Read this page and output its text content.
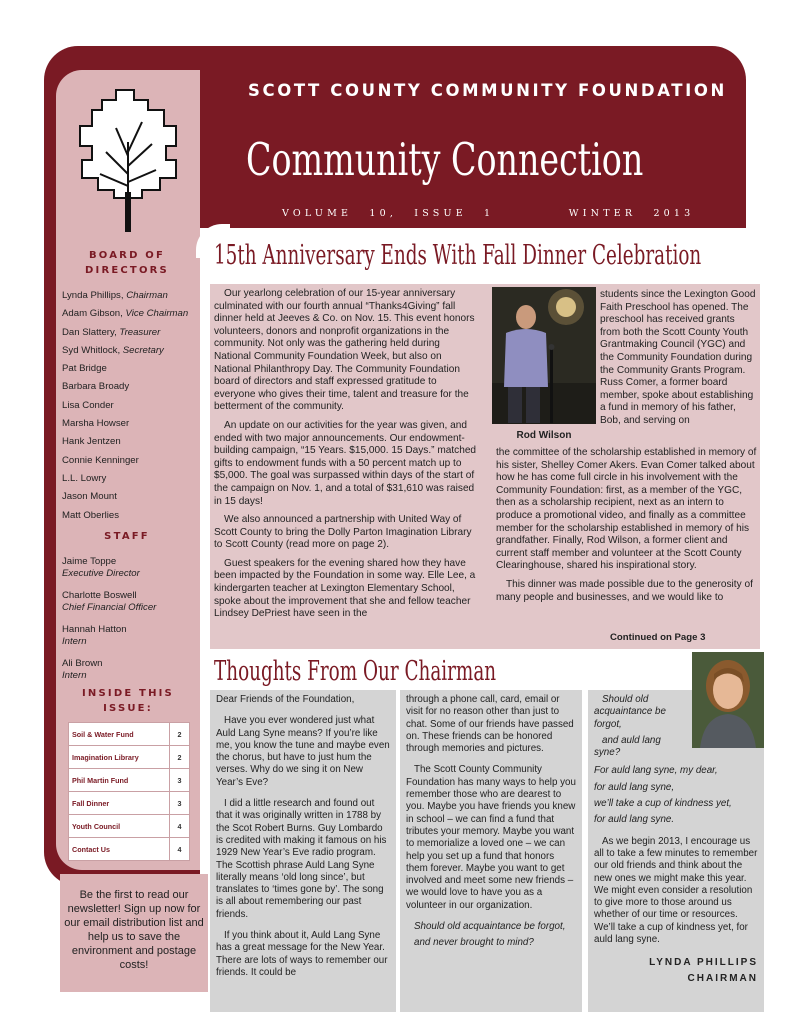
SCOTT COUNTY COMMUNITY FOUNDATION
Community Connection
VOLUME 10, ISSUE 1	WINTER 2013
BOARD OF DIRECTORS
Lynda Phillips, Chairman
Adam Gibson, Vice Chairman
Dan Slattery, Treasurer
Syd Whitlock, Secretary
Pat Bridge
Barbara Broady
Lisa Conder
Marsha Howser
Hank Jentzen
Connie Kenninger
L.L. Lowry
Jason Mount
Matt Oberlies
STAFF
Jaime Toppe
Executive Director
Charlotte Boswell
Chief Financial Officer
Hannah Hatton
Intern
Ali Brown
Intern
INSIDE THIS ISSUE:
Soil & Water Fund	2
Imagination Library	2
Phil Martin Fund	3
Fall Dinner	3
Youth Council	4
Contact Us	4
Be the first to read our newsletter! Sign up now for our email distribution list and help us to save the environment and postage costs!
15th Anniversary Ends With Fall Dinner Celebration

Our yearlong celebration of our 15-year anniversary culminated with our fourth annual “Thanks4Giving” fall dinner held at Jeeves & Co. on Nov. 15. This event honors volunteers, donors and nonprofit organizations in the community. Not only was the gathering held during National Community Foundation Week, but also on National Philanthropy Day. The Community Foundation board of directors and staff expressed gratitude to everyone who gives their time, talent and treasure for the betterment of the community.

An update on our activities for the year was given, and ended with two major announcements. Our endowment-building campaign, “15 Years. $15,000. 15 Days.” matched gifts to endowment funds with a 50 percent match up to $5,000. The goal was surpassed within days of the start of the campaign on Nov. 1, and a total of $31,610 was raised in 15 days!

We also announced a partnership with United Way of Scott County to bring the Dolly Parton Imagination Library to Scott County (read more on page 2).

Guest speakers for the evening shared how they have been impacted by the Foundation in some way. Elle Lee, a kindergarten teacher at Lexington Elementary School, spoke about the improvement that she and fellow teacher Lindsey DePriest have seen in the

Rod Wilson
students since the Lexington Good Faith Preschool has opened. The preschool has received grants from both the Scott County Youth Grantmaking Council (YGC) and the Community Foundation during the Community Grants Program. Russ Comer, a former board member, spoke about establishing a fund in memory of his father, Bob, and serving on

the committee of the scholarship established in memory of his sister, Shelley Comer Akers. Evan Comer talked about how he has come full circle in his involvement with the Community Foundation: first, as a member of the YGC, then as a scholarship recipient, next as an intern to produce a promotional video, and finally as a committee member for the scholarship established in memory of his grandfather. Finally, Rod Wilson, a former client and current staff member and volunteer at the Scott County Clearinghouse, shared his inspirational story.

This dinner was made possible due to the generosity of many people and businesses, and we would like to

Continued on Page 3
Thoughts From Our Chairman

Dear Friends of the Foundation,

Have you ever wondered just what Auld Lang Syne means? If you’re like me, you know the tune and maybe even the chorus, but have to just hum the verses. Why do we sing it on New Year’s Eve?

I did a little research and found out that it was originally written in 1788 by the Scot Robert Burns. Guy Lombardo is credited with making it famous on his 1929 New Year’s Eve radio program. The Scottish phrase Auld Lang Syne literally means ‘old long since’, but translates to ‘times gone by’. The song is all about remembering our past friends.

If you think about it, Auld Lang Syne has a great message for the New Year. There are lots of ways to remember our friends. It could be

through a phone call, card, email or visit for no reason other than just to chat. Some of our friends have passed on. These friends can be honored through memories and pictures.

The Scott County Community Foundation has many ways to help you remember those who are dearest to you. Maybe you have friends you knew in school – we can find a fund that tributes your memory. Maybe you want to memorialize a loved one – we can help you set up a fund that honors them forever. Maybe you want to get involved and meet some new friends – we would love to have you as a volunteer in our organization.

Should old acquaintance be forgot,

and never brought to mind?

Should old acquaintance be forgot,

and auld lang syne?

For auld lang syne, my dear,

for auld lang syne,

we’ll take a cup of kindness yet,

for auld lang syne.

As we begin 2013, I encourage us all to take a few minutes to remember our old friends and think about the new ones we might make this year. We might even consider a resolution to give more to those around us whether of our time or resources. We’ll take a cup of kindness yet, for auld lang syne.

LYNDA PHILLIPS
CHAIRMAN
